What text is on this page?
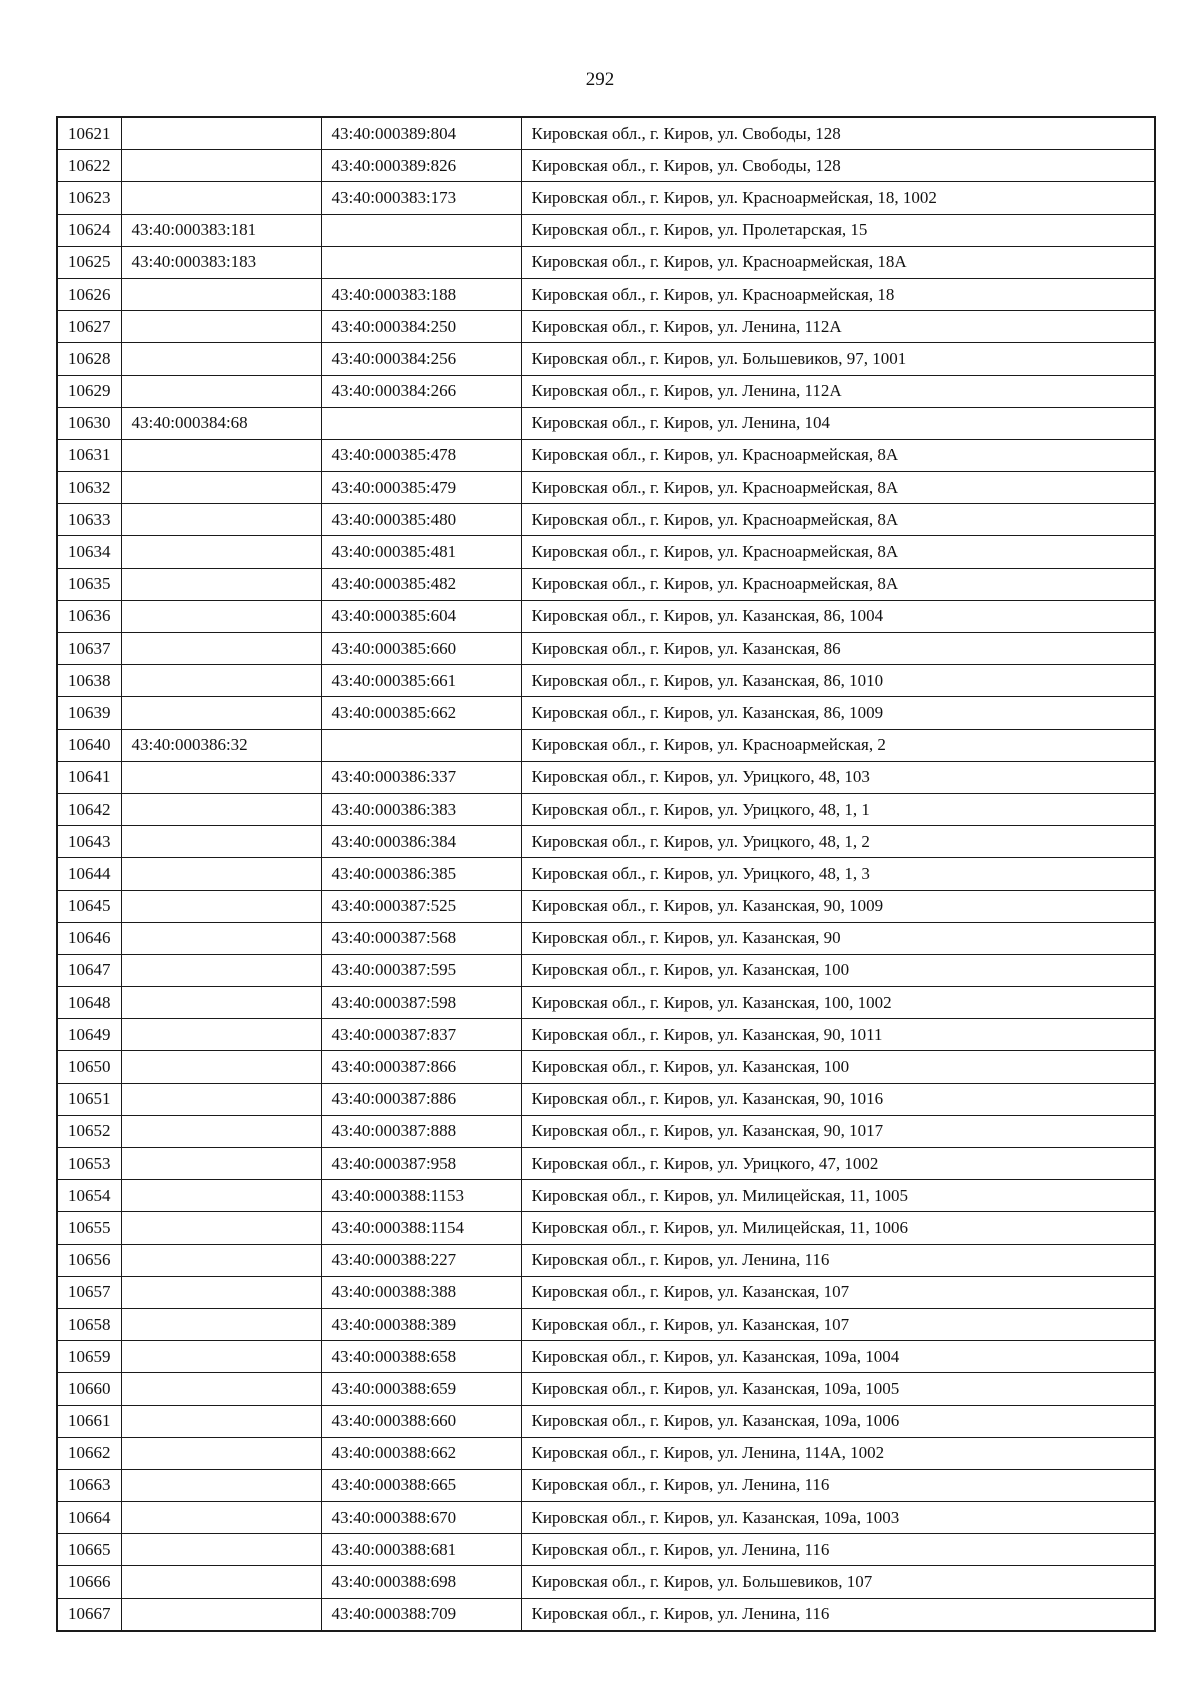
292
10621		43:40:000389:804	Кировская обл., г. Киров, ул. Свободы, 128
10622		43:40:000389:826	Кировская обл., г. Киров, ул. Свободы, 128
10623		43:40:000383:173	Кировская обл., г. Киров, ул. Красноармейская, 18, 1002
10624	43:40:000383:181		Кировская обл., г. Киров, ул. Пролетарская, 15
10625	43:40:000383:183		Кировская обл., г. Киров, ул. Красноармейская, 18А
10626		43:40:000383:188	Кировская обл., г. Киров, ул. Красноармейская, 18
10627		43:40:000384:250	Кировская обл., г. Киров, ул. Ленина, 112А
10628		43:40:000384:256	Кировская обл., г. Киров, ул. Большевиков, 97, 1001
10629		43:40:000384:266	Кировская обл., г. Киров, ул. Ленина, 112А
10630	43:40:000384:68		Кировская обл., г. Киров, ул. Ленина, 104
10631		43:40:000385:478	Кировская обл., г. Киров, ул. Красноармейская, 8А
10632		43:40:000385:479	Кировская обл., г. Киров, ул. Красноармейская, 8А
10633		43:40:000385:480	Кировская обл., г. Киров, ул. Красноармейская, 8А
10634		43:40:000385:481	Кировская обл., г. Киров, ул. Красноармейская, 8А
10635		43:40:000385:482	Кировская обл., г. Киров, ул. Красноармейская, 8А
10636		43:40:000385:604	Кировская обл., г. Киров, ул. Казанская, 86, 1004
10637		43:40:000385:660	Кировская обл., г. Киров, ул. Казанская, 86
10638		43:40:000385:661	Кировская обл., г. Киров, ул. Казанская, 86, 1010
10639		43:40:000385:662	Кировская обл., г. Киров, ул. Казанская, 86, 1009
10640	43:40:000386:32		Кировская обл., г. Киров, ул. Красноармейская, 2
10641		43:40:000386:337	Кировская обл., г. Киров, ул. Урицкого, 48, 103
10642		43:40:000386:383	Кировская обл., г. Киров, ул. Урицкого, 48, 1, 1
10643		43:40:000386:384	Кировская обл., г. Киров, ул. Урицкого, 48, 1, 2
10644		43:40:000386:385	Кировская обл., г. Киров, ул. Урицкого, 48, 1, 3
10645		43:40:000387:525	Кировская обл., г. Киров, ул. Казанская, 90, 1009
10646		43:40:000387:568	Кировская обл., г. Киров, ул. Казанская, 90
10647		43:40:000387:595	Кировская обл., г. Киров, ул. Казанская, 100
10648		43:40:000387:598	Кировская обл., г. Киров, ул. Казанская, 100, 1002
10649		43:40:000387:837	Кировская обл., г. Киров, ул. Казанская, 90, 1011
10650		43:40:000387:866	Кировская обл., г. Киров, ул. Казанская, 100
10651		43:40:000387:886	Кировская обл., г. Киров, ул. Казанская, 90, 1016
10652		43:40:000387:888	Кировская обл., г. Киров, ул. Казанская, 90, 1017
10653		43:40:000387:958	Кировская обл., г. Киров, ул. Урицкого, 47, 1002
10654		43:40:000388:1153	Кировская обл., г. Киров, ул. Милицейская, 11, 1005
10655		43:40:000388:1154	Кировская обл., г. Киров, ул. Милицейская, 11, 1006
10656		43:40:000388:227	Кировская обл., г. Киров, ул. Ленина, 116
10657		43:40:000388:388	Кировская обл., г. Киров, ул. Казанская, 107
10658		43:40:000388:389	Кировская обл., г. Киров, ул. Казанская, 107
10659		43:40:000388:658	Кировская обл., г. Киров, ул. Казанская, 109а, 1004
10660		43:40:000388:659	Кировская обл., г. Киров, ул. Казанская, 109а, 1005
10661		43:40:000388:660	Кировская обл., г. Киров, ул. Казанская, 109а, 1006
10662		43:40:000388:662	Кировская обл., г. Киров, ул. Ленина, 114А, 1002
10663		43:40:000388:665	Кировская обл., г. Киров, ул. Ленина, 116
10664		43:40:000388:670	Кировская обл., г. Киров, ул. Казанская, 109а, 1003
10665		43:40:000388:681	Кировская обл., г. Киров, ул. Ленина, 116
10666		43:40:000388:698	Кировская обл., г. Киров, ул. Большевиков, 107
10667		43:40:000388:709	Кировская обл., г. Киров, ул. Ленина, 116
